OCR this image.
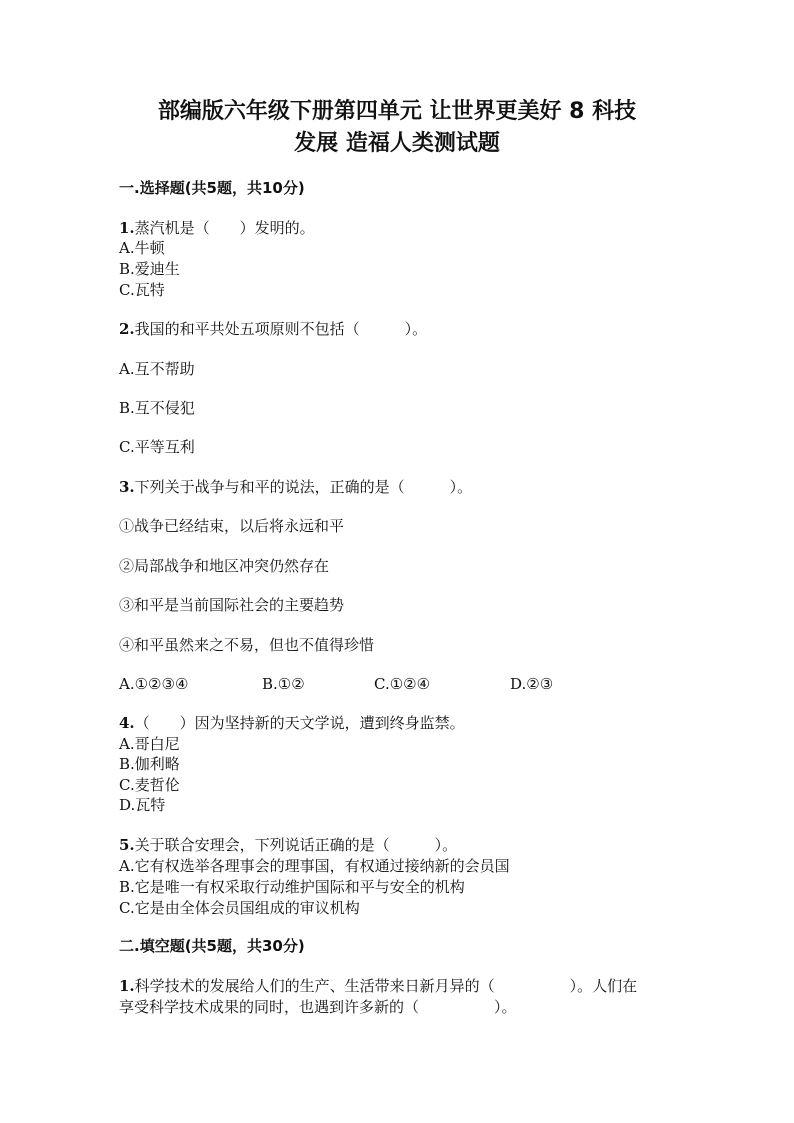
部编版六年级下册第四单元 让世界更美好 8 科技
发展 造福人类测试题
一.选择题(共5题，共10分)
1.蒸汽机是（　　）发明的。
A.牛顿
B.爱迪生
C.瓦特
2.我国的和平共处五项原则不包括（　　　）。
A.互不帮助
B.互不侵犯
C.平等互利
3.下列关于战争与和平的说法，正确的是（　　　）。
①战争已经结束，以后将永远和平
②局部战争和地区冲突仍然存在
③和平是当前国际社会的主要趋势
④和平虽然来之不易，但也不值得珍惜
A.①②③④	B.①②	C.①②④	D.②③
4.（　　）因为坚持新的天文学说，遭到终身监禁。
A.哥白尼
B.伽利略
C.麦哲伦
D.瓦特
5.关于联合安理会，下列说话正确的是（　　　）。
A.它有权选举各理事会的理事国，有权通过接纳新的会员国
B.它是唯一有权采取行动维护国际和平与安全的机构
C.它是由全体会员国组成的审议机构
二.填空题(共5题，共30分)
1.科学技术的发展给人们的生产、生活带来日新月异的（　　　　　）。人们在
享受科学技术成果的同时，也遇到许多新的（　　　　　）。
